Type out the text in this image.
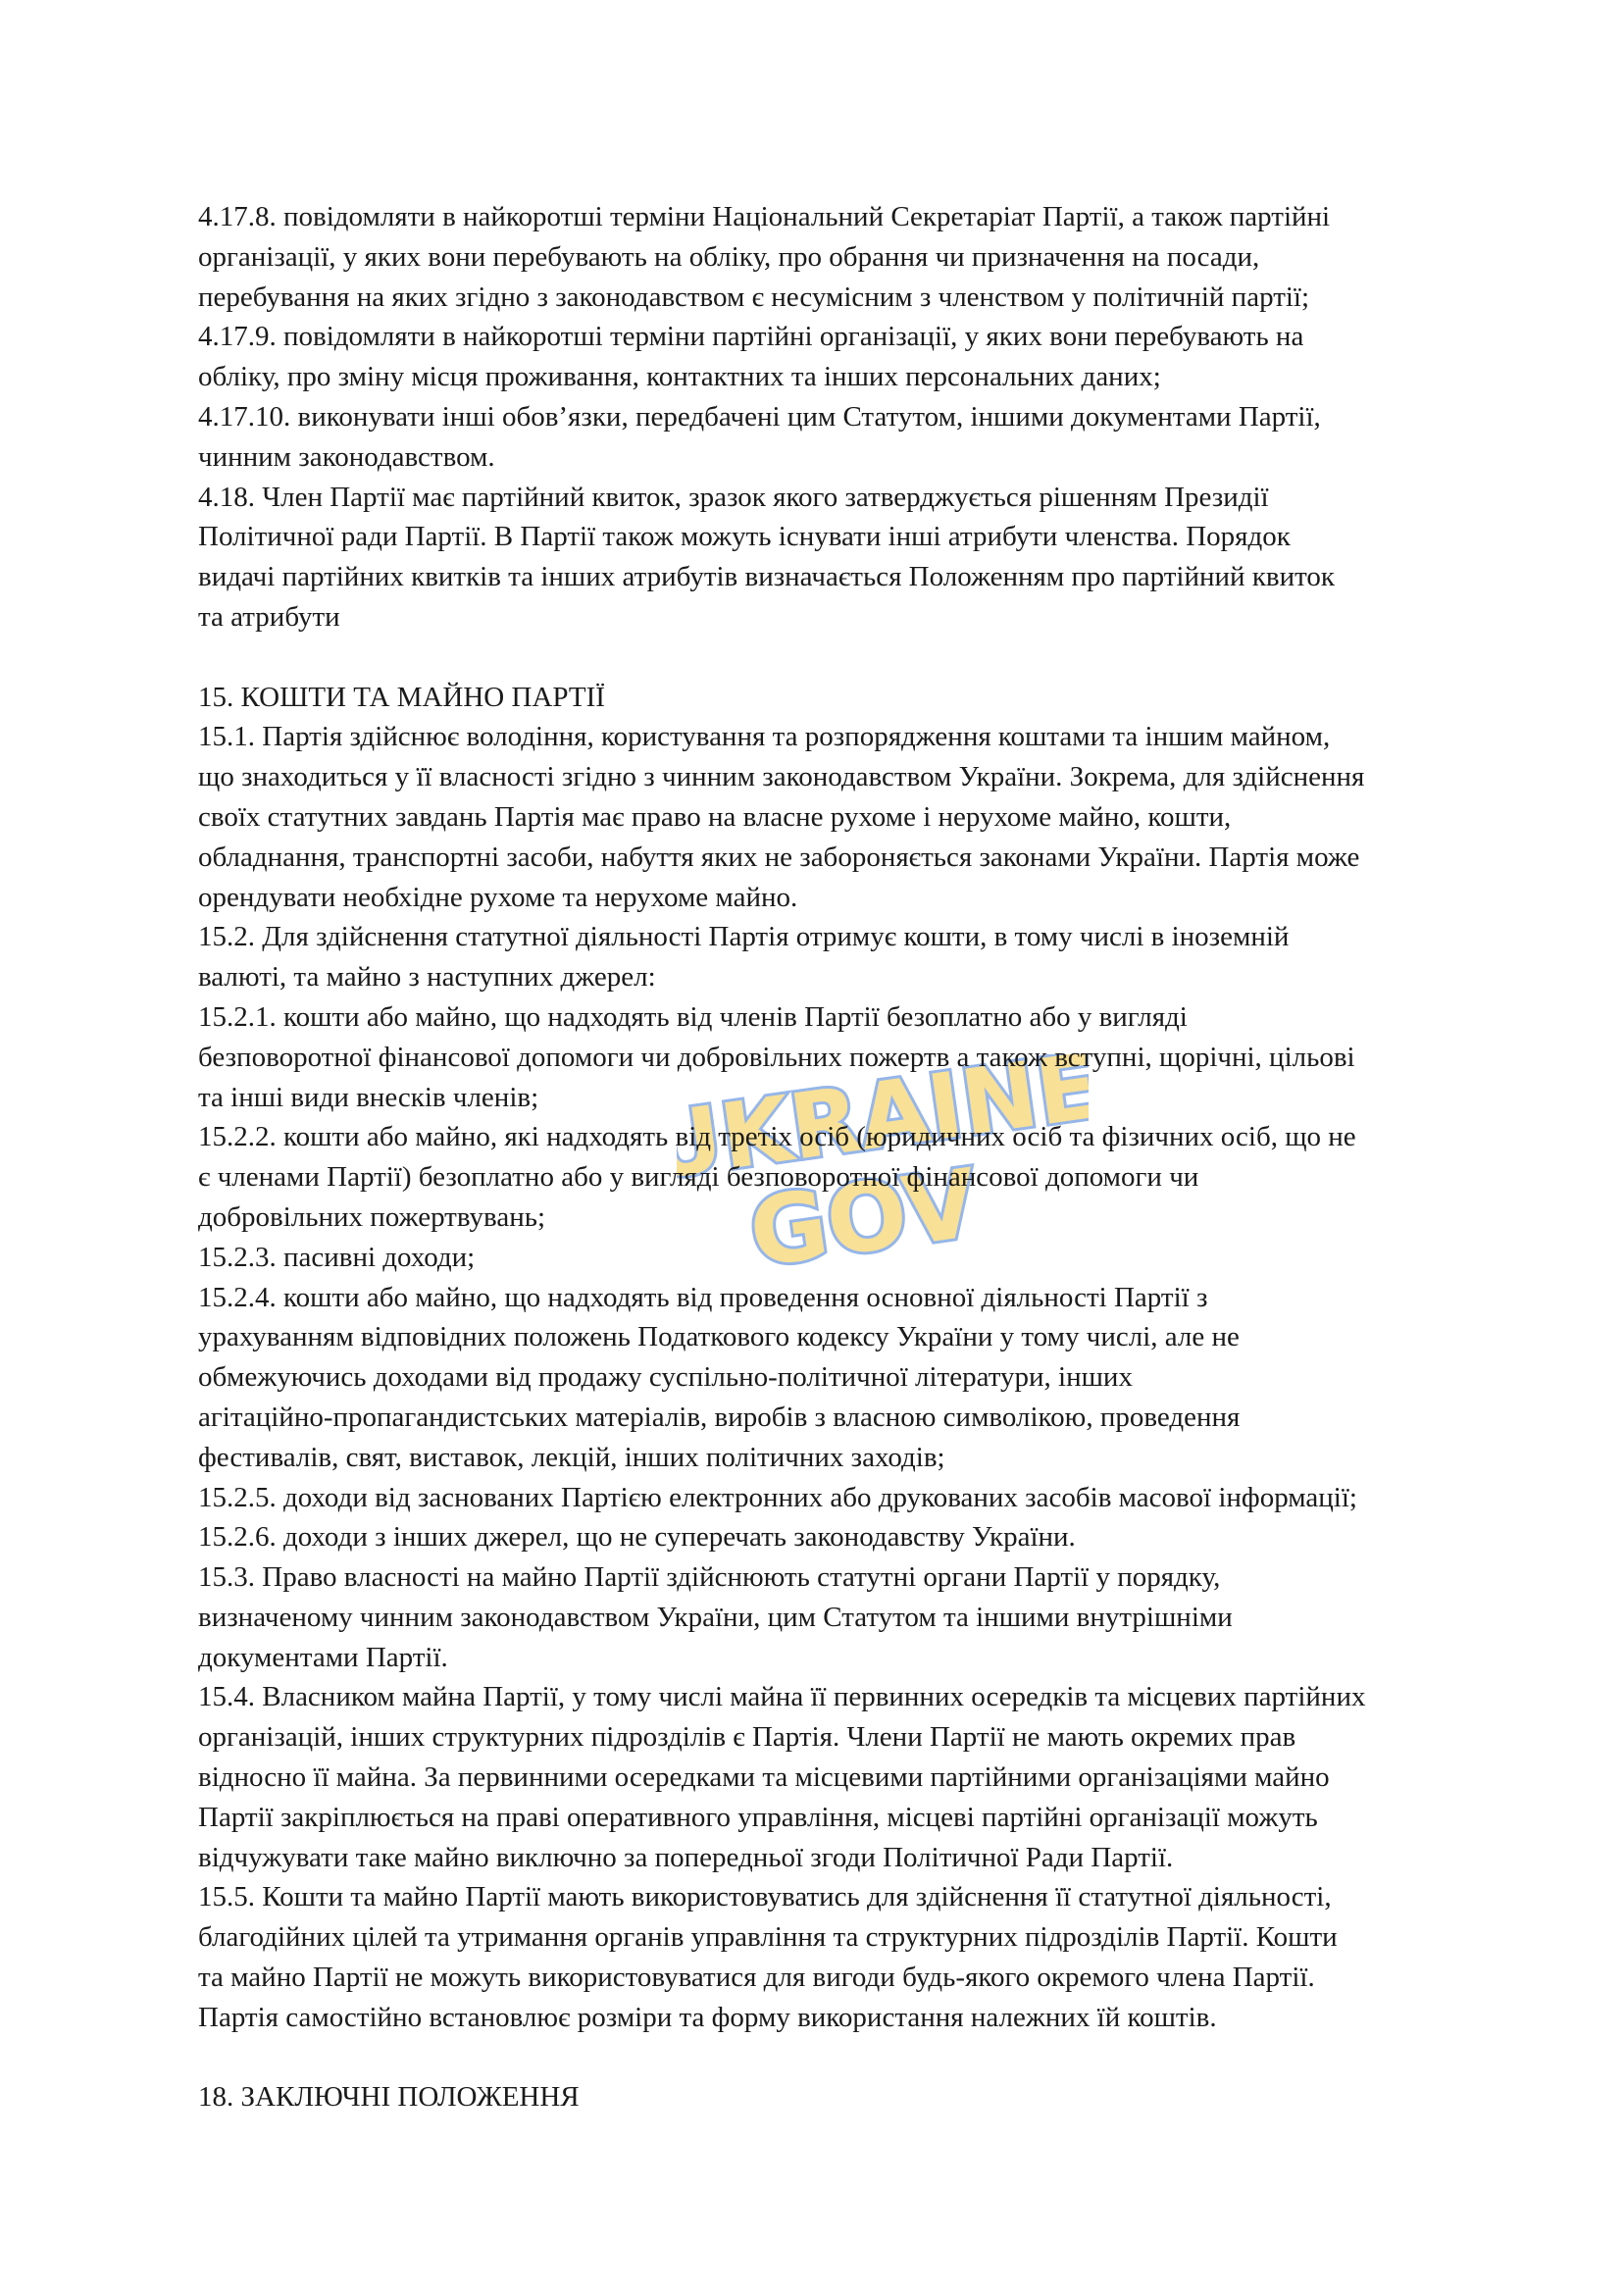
UKRAINE
GOV
4.17.8. повідомляти в найкоротші терміни Національний Секретаріат Партії, а також партійні
організації, у яких вони перебувають на обліку, про обрання чи призначення на посади,
перебування на яких згідно з законодавством є несумісним з членством у політичній партії;
4.17.9. повідомляти в найкоротші терміни партійні організації, у яких вони перебувають на
обліку, про зміну місця проживання, контактних та інших персональних даних;
4.17.10. виконувати інші обов’язки, передбачені цим Статутом, іншими документами Партії,
чинним законодавством.
4.18. Член Партії має партійний квиток, зразок якого затверджується рішенням Президії
Політичної ради Партії. В Партії також можуть існувати інші атрибути членства. Порядок
видачі партійних квитків та інших атрибутів визначається Положенням про партійний квиток
та атрибути
15. КОШТИ ТА МАЙНО ПАРТІЇ
15.1. Партія здійснює володіння, користування та розпорядження коштами та іншим майном,
що знаходиться у її власності згідно з чинним законодавством України. Зокрема, для здійснення
своїх статутних завдань Партія має право на власне рухоме і нерухоме майно, кошти,
обладнання, транспортні засоби, набуття яких не забороняється законами України. Партія може
орендувати необхідне рухоме та нерухоме майно.
15.2. Для здійснення статутної діяльності Партія отримує кошти, в тому числі в іноземній
валюті, та майно з наступних джерел:
15.2.1. кошти або майно, що надходять від членів Партії безоплатно або у вигляді
безповоротної фінансової допомоги чи добровільних пожертв а також вступні, щорічні, цільові
та інші види внесків членів;
15.2.2. кошти або майно, які надходять від третіх осіб (юридичних осіб та фізичних осіб, що не
є членами Партії) безоплатно або у вигляді безповоротної фінансової допомоги чи
добровільних пожертвувань;
15.2.3. пасивні доходи;
15.2.4. кошти або майно, що надходять від проведення основної діяльності Партії з
урахуванням відповідних положень Податкового кодексу України у тому числі, але не
обмежуючись доходами від продажу суспільно-політичної літератури, інших
агітаційно-пропагандистських матеріалів, виробів з власною символікою, проведення
фестивалів, свят, виставок, лекцій, інших політичних заходів;
15.2.5. доходи від заснованих Партією електронних або друкованих засобів масової інформації;
15.2.6. доходи з інших джерел, що не суперечать законодавству України.
15.3. Право власності на майно Партії здійснюють статутні органи Партії у порядку,
визначеному чинним законодавством України, цим Статутом та іншими внутрішніми
документами Партії.
15.4. Власником майна Партії, у тому числі майна її первинних осередків та місцевих партійних
організацій, інших структурних підрозділів є Партія. Члени Партії не мають окремих прав
відносно її майна. За первинними осередками та місцевими партійними організаціями майно
Партії закріплюється на праві оперативного управління, місцеві партійні організації можуть
відчужувати таке майно виключно за попередньої згоди Політичної Ради Партії.
15.5. Кошти та майно Партії мають використовуватись для здійснення її статутної діяльності,
благодійних цілей та утримання органів управління та структурних підрозділів Партії. Кошти
та майно Партії не можуть використовуватися для вигоди будь-якого окремого члена Партії.
Партія самостійно встановлює розміри та форму використання належних їй коштів.
18. ЗАКЛЮЧНІ ПОЛОЖЕННЯ
